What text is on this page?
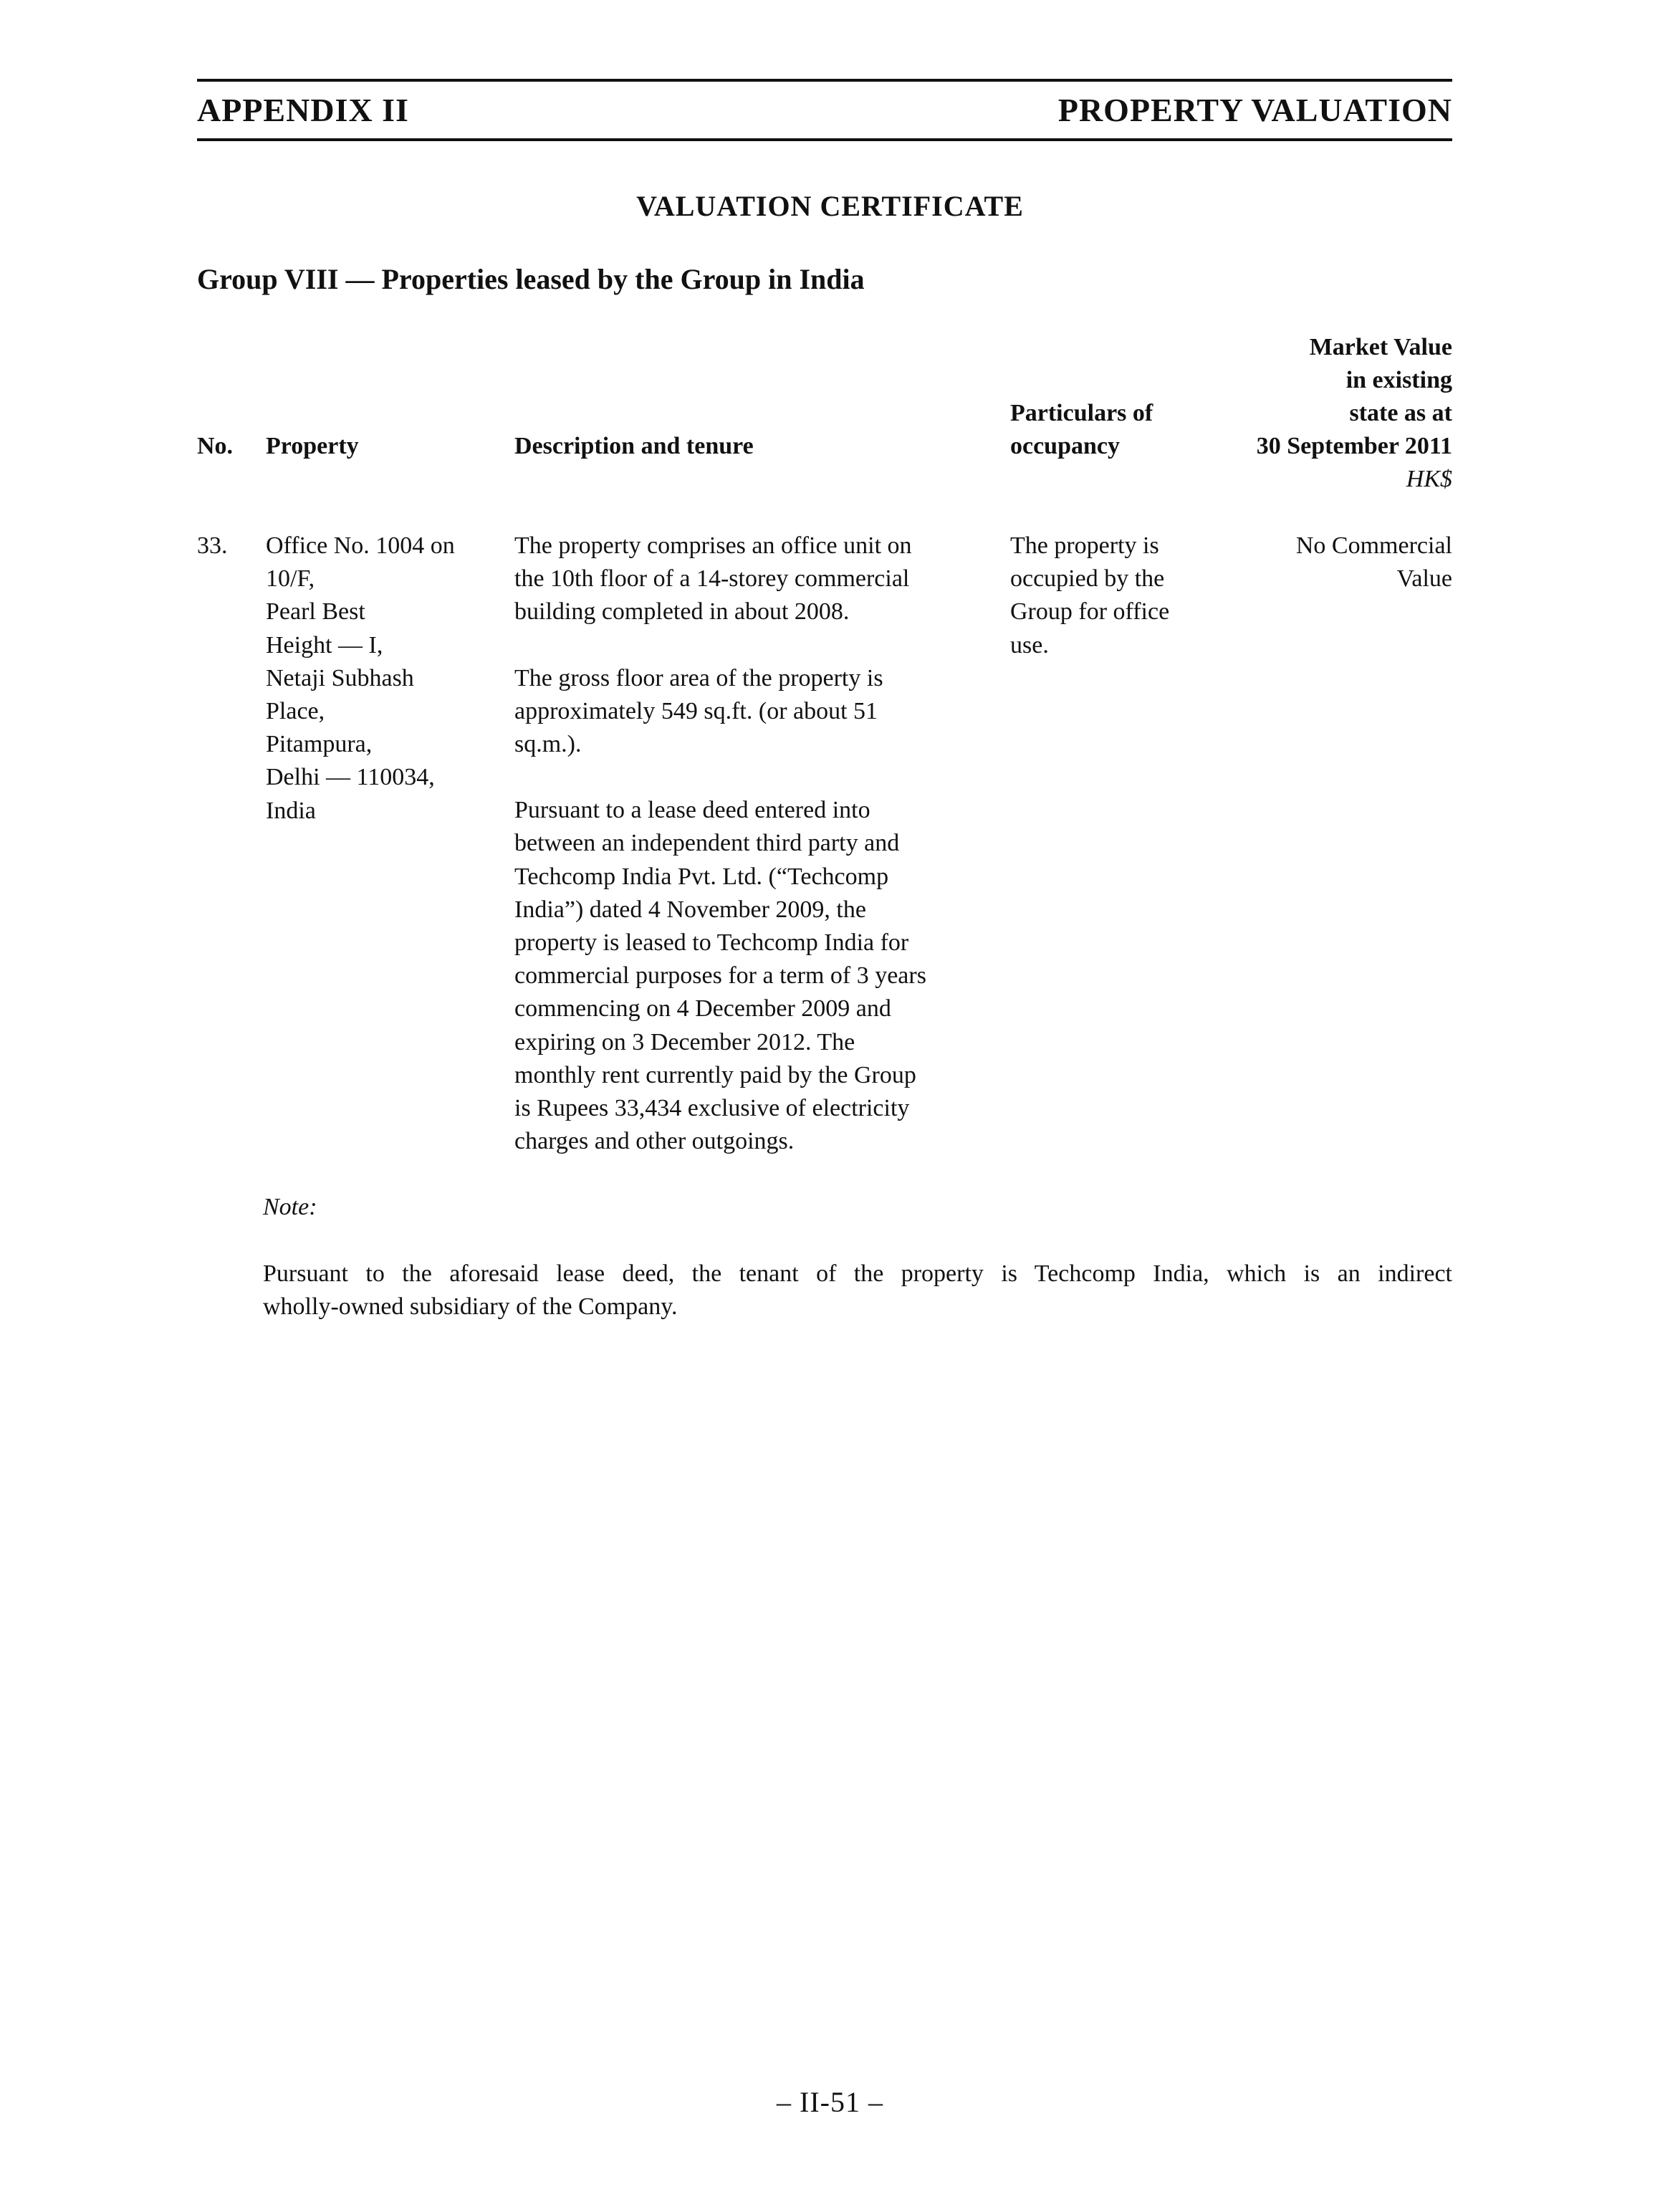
APPENDIX II	PROPERTY VALUATION
VALUATION CERTIFICATE
Group VIII — Properties leased by the Group in India
No. Property	Description and tenure
Particulars of
occupancy
Market Value
in existing
state as at
30 September 2011
HK$
33. Office No. 1004 on
10/F,
Pearl Best
Height — I,
Netaji Subhash
Place,
Pitampura,
Delhi — 110034,
India
The property comprises an office unit on
the 10th floor of a 14-storey commercial
building completed in about 2008.
The gross floor area of the property is
approximately 549 sq.ft. (or about 51
sq.m.).
Pursuant to a lease deed entered into
between an independent third party and
Techcomp India Pvt. Ltd. (“Techcomp
India”) dated 4 November 2009, the
property is leased to Techcomp India for
commercial purposes for a term of 3 years
commencing on 4 December 2009 and
expiring on 3 December 2012. The
monthly rent currently paid by the Group
is Rupees 33,434 exclusive of electricity
charges and other outgoings.
The property is
occupied by the
Group for office
use.
No Commercial
Value
Note:
Pursuant to the aforesaid lease deed, the tenant of the property is Techcomp India, which is an indirect
wholly-owned subsidiary of the Company.
– II-51 –
